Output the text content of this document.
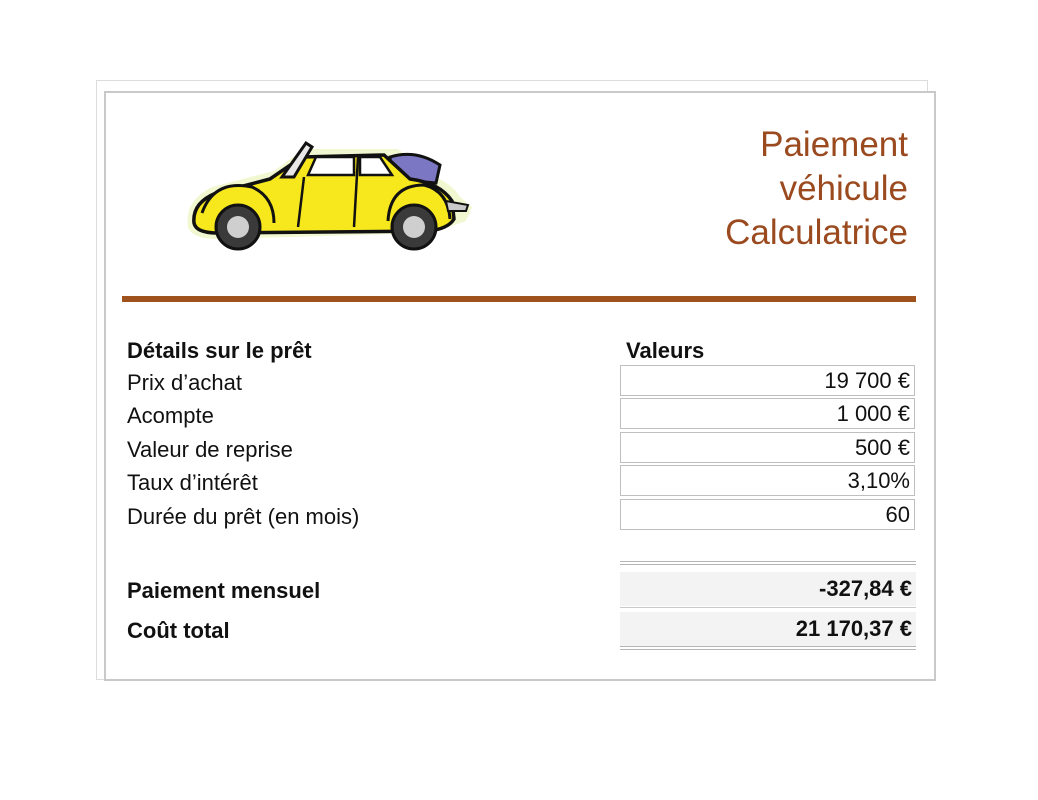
Paiement
véhicule
Calculatrice
Détails sur le prêt	Valeurs
Prix d’achat	19 700 €
Acompte	1 000 €
Valeur de reprise	500 €
Taux d’intérêt	3,10%
Durée du prêt (en mois)	60
Paiement mensuel	-327,84 €
Coût total	21 170,37 €
